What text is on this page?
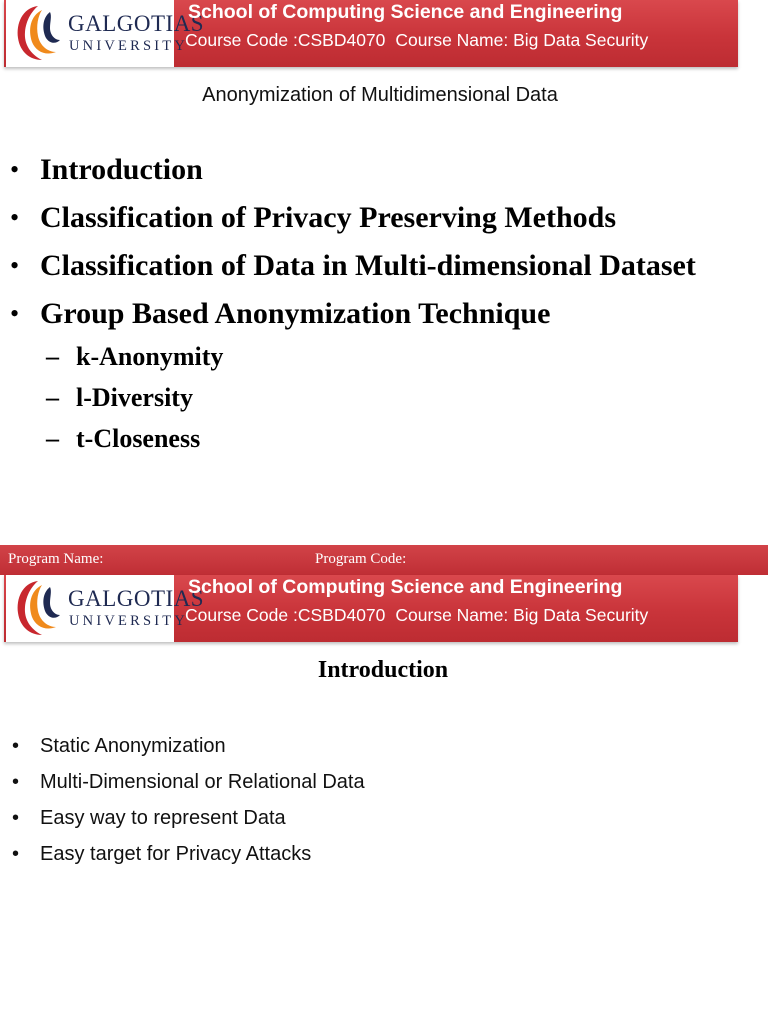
GALGOTIAS
UNIVERSITY
School of Computing Science and Engineering
Course Code :CSBD4070 Course Name: Big Data Security
Anonymization of Multidimensional Data
• Introduction
• Classification of Privacy Preserving Methods
• Classification of Data in Multi-dimensional Dataset
• Group Based Anonymization Technique
– k-Anonymity
– l-Diversity
– t-Closeness
Program Name:	Program Code:
GALGOTIAS
UNIVERSITY
School of Computing Science and Engineering
Course Code :CSBD4070 Course Name: Big Data Security
Introduction
• Static Anonymization
• Multi-Dimensional or Relational Data
• Easy way to represent Data
• Easy target for Privacy Attacks
